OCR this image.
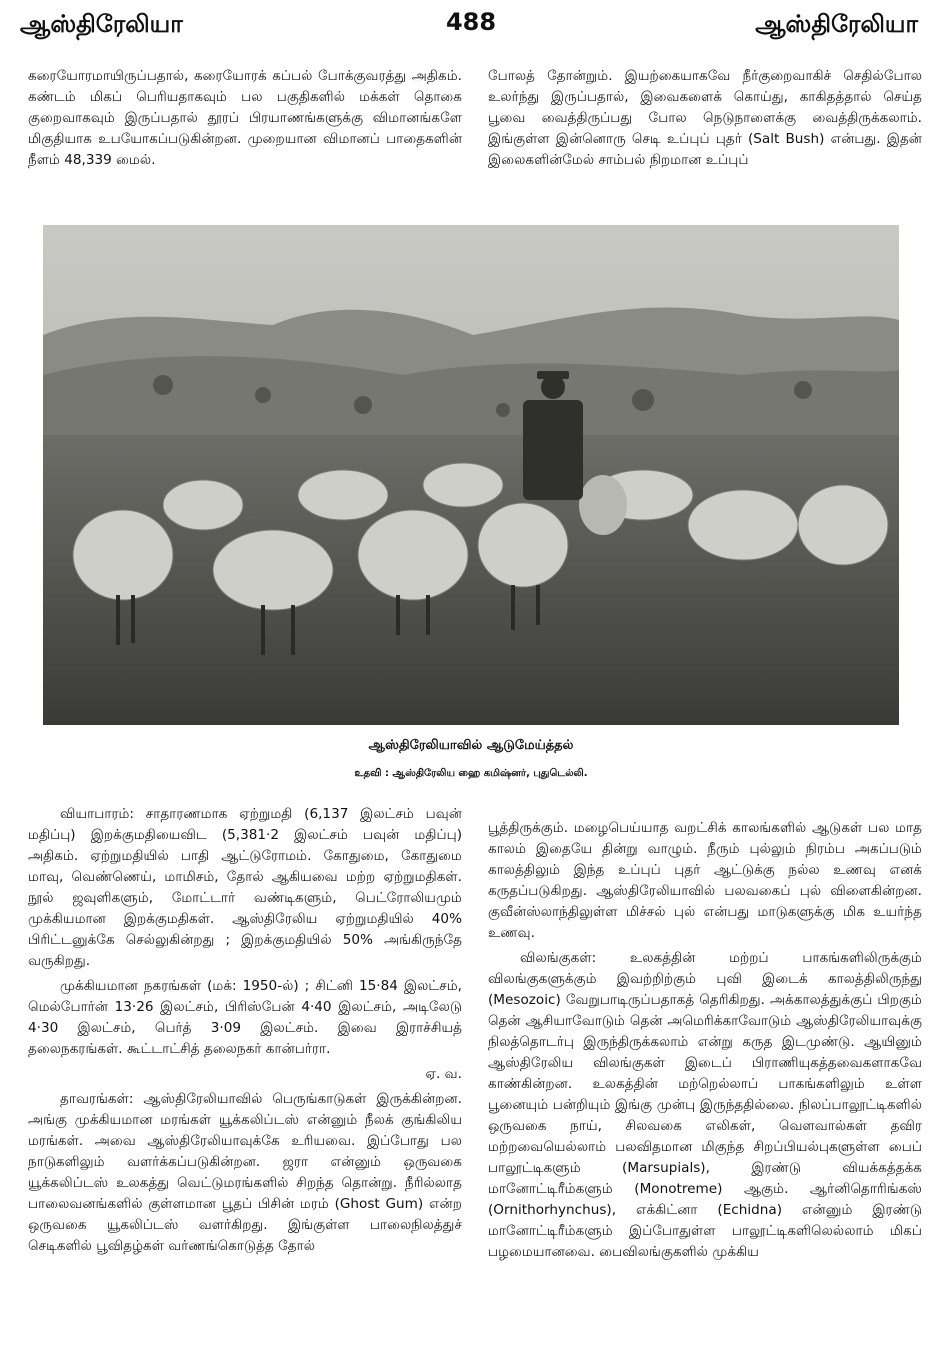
ஆஸ்திரேலியா	488	ஆஸ்திரேலியா

கரையோரமாயிருப்பதால், கரையோரக் கப்பல் போக்குவரத்து அதிகம். கண்டம் மிகப் பெரியதாகவும் பல பகுதிகளில் மக்கள் தொகை குறைவாகவும் இருப்பதால் தூரப் பிரயாணங்களுக்கு விமானங்களே மிகுதியாக உபயோகப்படுகின்றன. முறையான விமானப் பாதைகளின் நீளம் 48,339 மைல்.

போலத் தோன்றும். இயற்கையாகவே நீர்குறைவாகிச் செதில்போல உலர்ந்து இருப்பதால், இவைகளைக் கொய்து, காகிதத்தால் செய்த பூவை வைத்திருப்பது போல நெடுநாளைக்கு வைத்திருக்கலாம். இங்குள்ள இன்னொரு செடி உப்புப் புதர் (Salt Bush) என்பது. இதன் இலைகளின்மேல் சாம்பல் நிறமான உப்புப்

ஆஸ்திரேலியாவில் ஆடுமேய்த்தல்
உதவி : ஆஸ்திரேலிய ஹை கமிஷ்னர், புதுடெல்லி.

வியாபாரம்: சாதாரணமாக ஏற்றுமதி (6,137 இலட்சம் பவுன் மதிப்பு) இறக்குமதியைவிட (5,381·2 இலட்சம் பவுன் மதிப்பு) அதிகம். ஏற்றுமதியில் பாதி ஆட்டுரோமம். கோதுமை, கோதுமை மாவு, வெண்ணெய், மாமிசம், தோல் ஆகியவை மற்ற ஏற்றுமதிகள். நூல் ஜவுளிகளும், மோட்டார் வண்டிகளும், பெட்ரோலியமும் முக்கியமான இறக்குமதிகள். ஆஸ்திரேலிய ஏற்றுமதியில் 40% பிரிட்டனுக்கே செல்லுகின்றது ; இறக்குமதியில் 50% அங்கிருந்தே வருகிறது.

முக்கியமான நகரங்கள் (மக்: 1950-ல்) ; சிட்னி 15·84 இலட்சம், மெல்போர்ன் 13·26 இலட்சம், பிரிஸ்பேன் 4·40 இலட்சம், அடிலேடு 4·30 இலட்சம், பெர்த் 3·09 இலட்சம். இவை இராச்சியத் தலைநகரங்கள். கூட்டாட்சித் தலைநகர் கான்பர்ரா.

ஏ. வ.

தாவரங்கள்: ஆஸ்திரேலியாவில் பெருங்காடுகள் இருக்கின்றன. அங்கு முக்கியமான மரங்கள் யூக்கலிப்டஸ் என்னும் நீலக் குங்கிலிய மரங்கள். அவை ஆஸ்திரேலியாவுக்கே உரியவை. இப்போது பல நாடுகளிலும் வளர்க்கப்படுகின்றன. ஜரா என்னும் ஒருவகை யூக்கலிப்டஸ் உலகத்து வெட்டுமரங்களில் சிறந்த தொன்று. நீரில்லாத பாலைவனங்களில் குள்ளமான பூதப் பிசின் மரம் (Ghost Gum) என்ற ஒருவகை யூகலிப்டஸ் வளர்கிறது. இங்குள்ள பாலைநிலத்துச் செடிகளில் பூவிதழ்கள் வர்ணங்கொடுத்த தோல்

பூத்திருக்கும். மழைபெய்யாத வறட்சிக் காலங்களில் ஆடுகள் பல மாத காலம் இதையே தின்று வாழும். நீரும் புல்லும் நிரம்ப அகப்படும் காலத்திலும் இந்த உப்புப் புதர் ஆட்டுக்கு நல்ல உணவு எனக் கருதப்படுகிறது. ஆஸ்திரேலியாவில் பலவகைப் புல் விளைகின்றன. குவீன்ஸ்லாந்திலுள்ள மிச்சல் புல் என்பது மாடுகளுக்கு மிக உயர்ந்த உணவு.

விலங்குகள்: உலகத்தின் மற்றப் பாகங்களிலிருக்கும் விலங்குகளுக்கும் இவற்றிற்கும் புவி இடைக் காலத்திலிருந்து (Mesozoic) வேறுபாடிருப்பதாகத் தெரிகிறது. அக்காலத்துக்குப் பிறகும் தென் ஆசியாவோடும் தென் அமெரிக்காவோடும் ஆஸ்திரேலியாவுக்கு நிலத்தொடர்பு இருந்திருக்கலாம் என்று கருத இடமுண்டு. ஆயினும் ஆஸ்திரேலிய விலங்குகள் இடைப் பிராணியுகத்தவைகளாகவே காண்கின்றன. உலகத்தின் மற்றெல்லாப் பாகங்களிலும் உள்ள பூனையும் பன்றியும் இங்கு முன்பு இருந்ததில்லை. நிலப்பாலூட்டிகளில் ஒருவகை நாய், சிலவகை எலிகள், வௌவால்கள் தவிர மற்றவையெல்லாம் பலவிதமான மிகுந்த சிறப்பியல்புகளுள்ள பைப் பாலூட்டிகளும் (Marsupials), இரண்டு வியக்கத்தக்க மானோட்டிரீம்களும் (Monotreme) ஆகும். ஆர்னிதொரிங்கஸ் (Ornithorhynchus), எக்கிட்னா (Echidna) என்னும் இரண்டு மானோட்டிரீம்களும் இப்போதுள்ள பாலூட்டிகளிலெல்லாம் மிகப் பழமையானவை. பைவிலங்குகளில் முக்கிய
